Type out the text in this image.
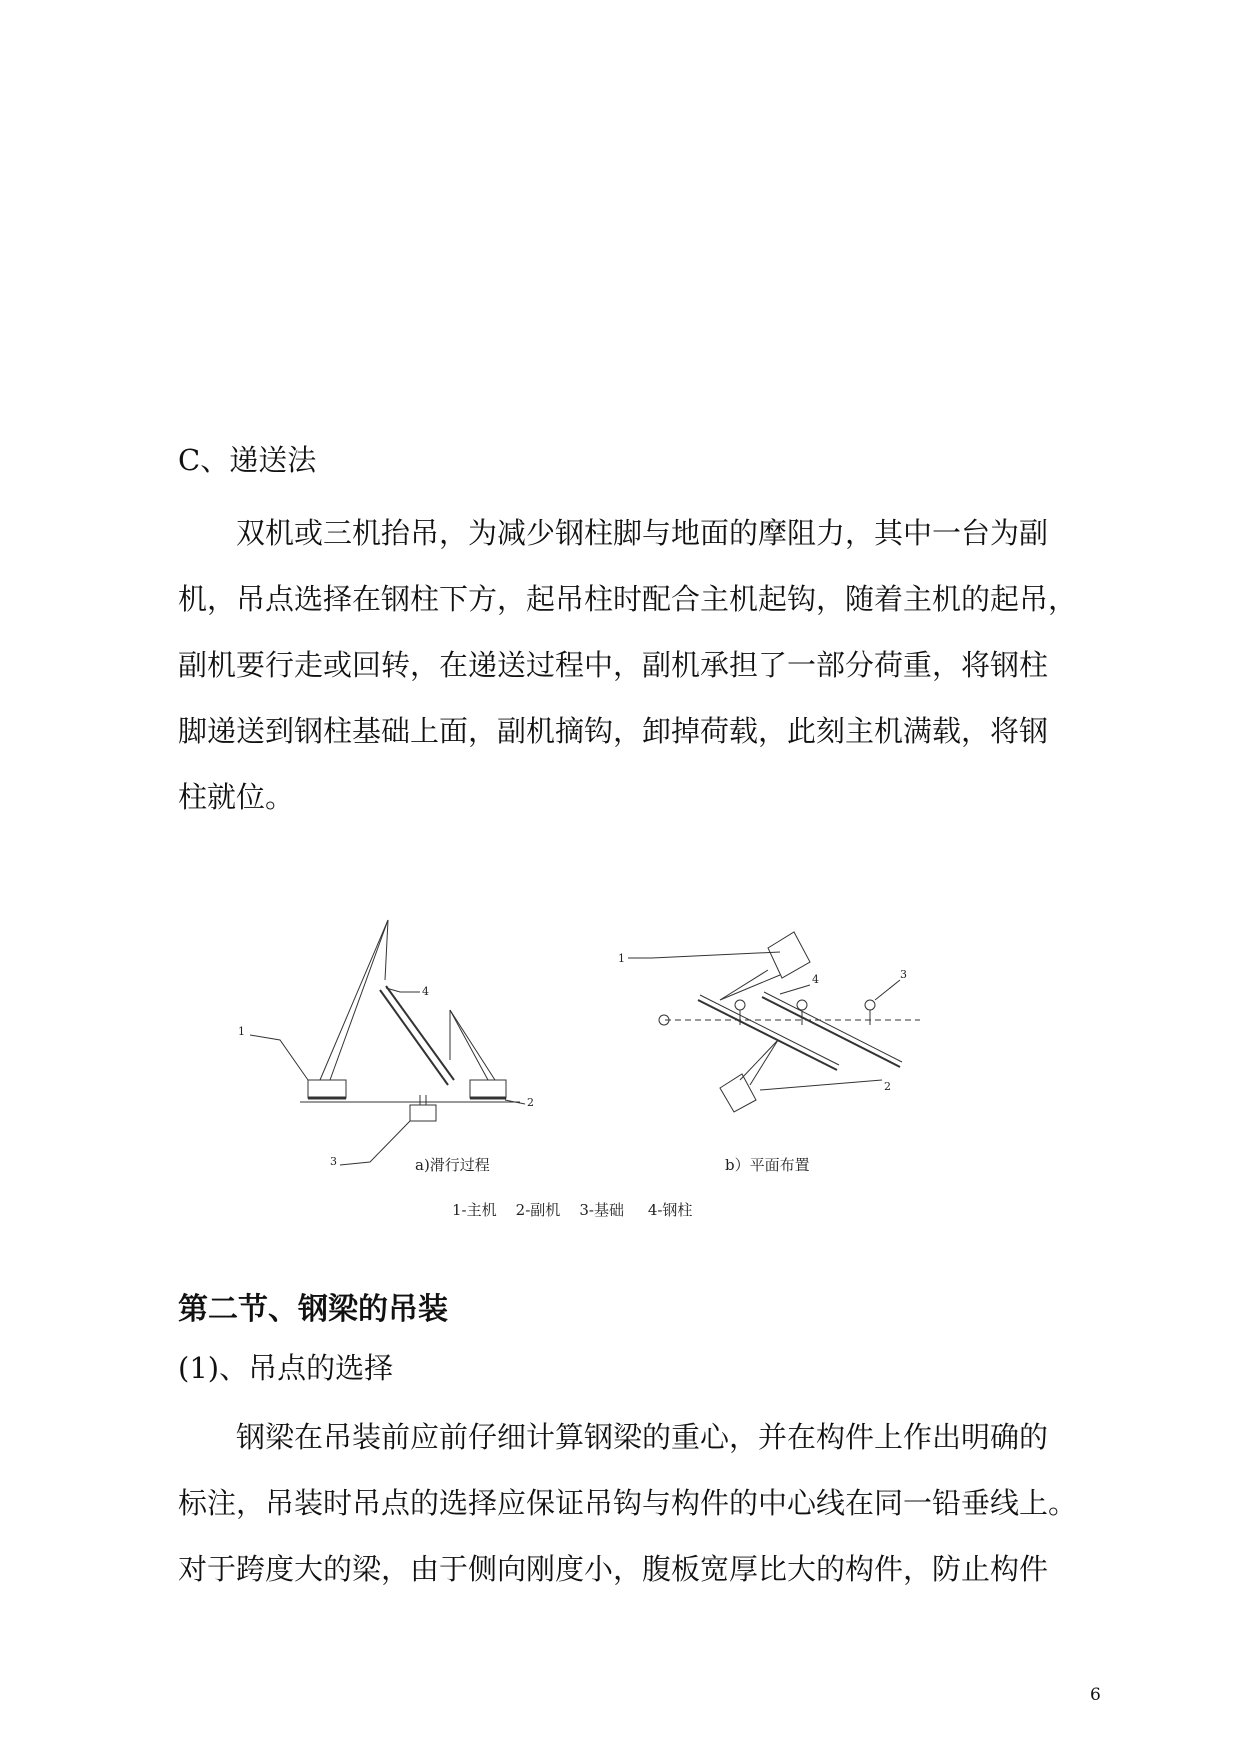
C、递送法
双机或三机抬吊，为减少钢柱脚与地面的摩阻力，其中一台为副
机，吊点选择在钢柱下方，起吊柱时配合主机起钩，随着主机的起吊，
副机要行走或回转，在递送过程中，副机承担了一部分荷重，将钢柱
脚递送到钢柱基础上面，副机摘钩，卸掉荷载，此刻主机满载，将钢
柱就位。
1
2
3
4
1
2
3
4
a)滑行过程	b）平面布置
1-主机    2-副机    3-基础     4-钢柱
第二节、钢梁的吊装
(1)、吊点的选择
钢梁在吊装前应前仔细计算钢梁的重心，并在构件上作出明确的
标注，吊装时吊点的选择应保证吊钩与构件的中心线在同一铅垂线上。
对于跨度大的梁，由于侧向刚度小，腹板宽厚比大的构件，防止构件
6
